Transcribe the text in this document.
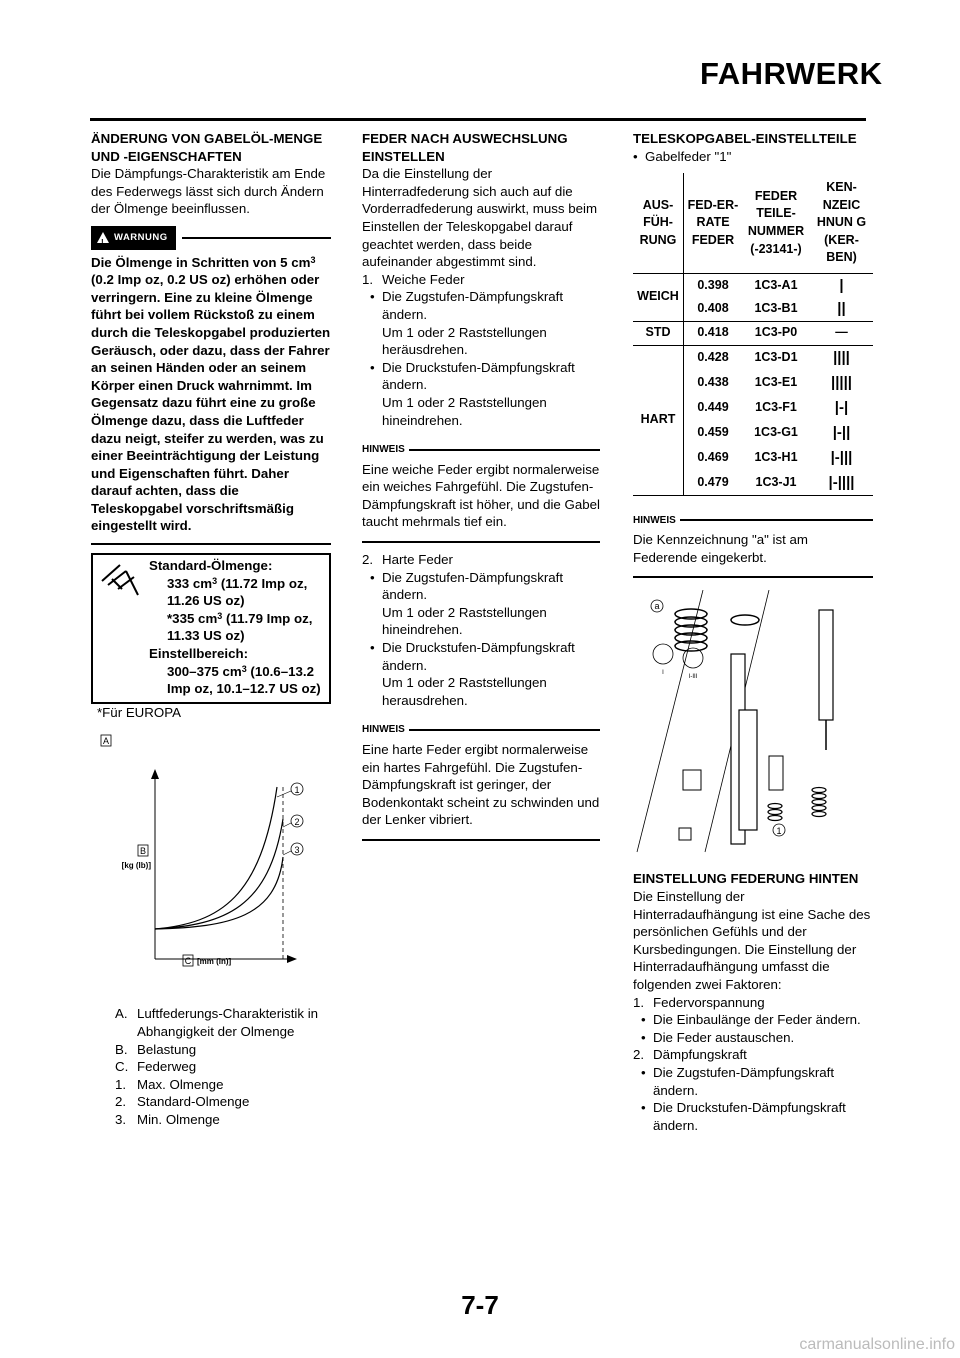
FAHRWERK

ÄNDERUNG VON GABELÖL-MENGE UND -EIGENSCHAFTEN

Die Dämpfungs-Charakteristik am Ende des Federwegs lässt sich durch Ändern der Ölmenge beeinflussen.

! WARNUNG

Die Ölmenge in Schritten von 5 $cm^3$ (0.2 Imp oz, 0.2 US oz) erhöhen oder verringern. Eine zu kleine Ölmenge führt bei vollem Rückstoß zu einem durch die Teleskopgabel produzierten Geräusch, oder dazu, dass der Fahrer an seinen Händen oder an seinem Körper einen Druck wahrnimmt. Im Gegensatz dazu führt eine zu große Ölmenge dazu, dass die Luftfeder dazu neigt, steifer zu werden, was zu einer Beeinträchtigung der Leistung und Eigenschaften führt. Daher darauf achten, dass die Teleskopgabel vorschriftsmäßig eingestellt wird.

Standard-Ölmenge:

333 $cm^3$ (11.72 Imp oz, 11.26 US oz)

*335 $cm^3$ (11.79 Imp oz, 11.33 US oz)

Einstellbereich:

300–375 $cm^3$ (10.6–13.2 Imp oz, 10.1–12.7 US oz)

*Für EUROPA

A
B
[kg (lb)]
C [mm (in)]
1
2
3
A. Luftfederungs-Charakteristik in Abhangigkeit der Olmenge
B. Belastung
C. Federweg
1. Max. Olmenge
2. Standard-Olmenge
3. Min. Olmenge

FEDER NACH AUSWECHSLUNG EINSTELLEN

Da die Einstellung der Hinterradfederung sich auch auf die Vorderradfederung auswirkt, muss beim Einstellen der Teleskopgabel darauf geachtet werden, dass beide aufeinander abgestimmt sind.

1. Weiche Feder
• Die Zugstufen-Dämpfungskraft ändern.

Um 1 oder 2 Raststellungen heräusdrehen.

• Die Druckstufen-Dämpfungskraft ändern.

Um 1 oder 2 Raststellungen hineindrehen.

HINWEIS

Eine weiche Feder ergibt normalerweise ein weiches Fahrgefühl. Die Zugstufen-Dämpfungskraft ist höher, und die Gabel taucht mehrmals tief ein.

2. Harte Feder
• Die Zugstufen-Dämpfungskraft ändern.

Um 1 oder 2 Raststellungen hineindrehen.

• Die Druckstufen-Dämpfungskraft ändern.

Um 1 oder 2 Raststellungen herausdrehen.

HINWEIS

Eine harte Feder ergibt normalerweise ein hartes Fahrgefühl. Die Zugstufen-Dämpfungskraft ist geringer, der Bodenkontakt scheint zu schwinden und der Lenker vibriert.

TELESKOPGABEL-EINSTELLTEILE

• Gabelfeder "1"
AUS-FÜH-RUNG	FED-ER-RATE FEDER	FEDER TEILE-NUMMER (-23141-)	KEN-NZEIC HNUN G (KER-BEN)
WEICH	0.398	1C3-A1	|
	0.408	1C3-B1	||
STD	0.418	1C3-P0	—
HART	0.428	1C3-D1	||||
	0.438	1C3-E1	|||||
	0.449	1C3-F1	|-|
	0.459	1C3-G1	|-||
	0.469	1C3-H1	|-|||
	0.479	1C3-J1	|-||||
HINWEIS

Die Kennzeichnung "a" ist am Federende eingekerbt.

a
I
I-III
1

EINSTELLUNG FEDERUNG HINTEN

Die Einstellung der Hinterradaufhängung ist eine Sache des persönlichen Gefühls und der Kursbedingungen. Die Einstellung der Hinterradaufhängung umfasst die folgenden zwei Faktoren:

1. Federvorspannung
• Die Einbaulänge der Feder ändern.
• Die Feder austauschen.
2. Dämpfungskraft
• Die Zugstufen-Dämpfungskraft ändern.
• Die Druckstufen-Dämpfungskraft ändern.
7-7
carmanualsonline.info
